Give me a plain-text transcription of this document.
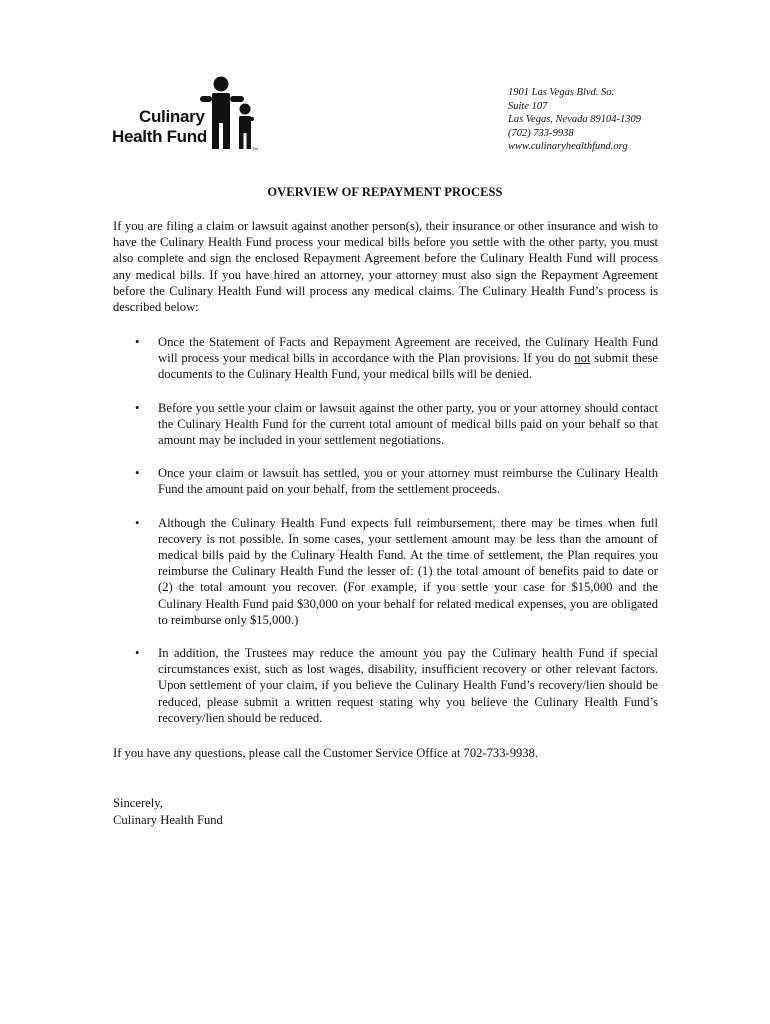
Culinary
Health Fund
TM
1901 Las Vegas Blvd. So.
Suite 107
Las Vegas, Nevada 89104-1309
(702) 733-9938
www.culinaryhealthfund.org
OVERVIEW OF REPAYMENT PROCESS
If you are filing a claim or lawsuit against another person(s), their insurance or other insurance and wish to have the Culinary Health Fund process your medical bills before you settle with the other party, you must also complete and sign the enclosed Repayment Agreement before the Culinary Health Fund will process any medical bills. If you have hired an attorney, your attorney must also sign the Repayment Agreement before the Culinary Health Fund will process any medical claims. The Culinary Health Fund’s process is described below:
• Once the Statement of Facts and Repayment Agreement are received, the Culinary Health Fund will process your medical bills in accordance with the Plan provisions. If you do not submit these documents to the Culinary Health Fund, your medical bills will be denied.
• Before you settle your claim or lawsuit against the other party, you or your attorney should contact the Culinary Health Fund for the current total amount of medical bills paid on your behalf so that amount may be included in your settlement negotiations.
• Once your claim or lawsuit has settled, you or your attorney must reimburse the Culinary Health Fund the amount paid on your behalf, from the settlement proceeds.
• Although the Culinary Health Fund expects full reimbursement, there may be times when full recovery is not possible. In some cases, your settlement amount may be less than the amount of medical bills paid by the Culinary Health Fund. At the time of settlement, the Plan requires you reimburse the Culinary Health Fund the lesser of: (1) the total amount of benefits paid to date or (2) the total amount you recover. (For example, if you settle your case for $15,000 and the Culinary Health Fund paid $30,000 on your behalf for related medical expenses, you are obligated to reimburse only $15,000.)
• In addition, the Trustees may reduce the amount you pay the Culinary health Fund if special circumstances exist, such as lost wages, disability, insufficient recovery or other relevant factors. Upon settlement of your claim, if you believe the Culinary Health Fund’s recovery/lien should be reduced, please submit a written request stating why you believe the Culinary Health Fund’s recovery/lien should be reduced.
If you have any questions, please call the Customer Service Office at 702-733-9938.
Sincerely,
Culinary Health Fund
